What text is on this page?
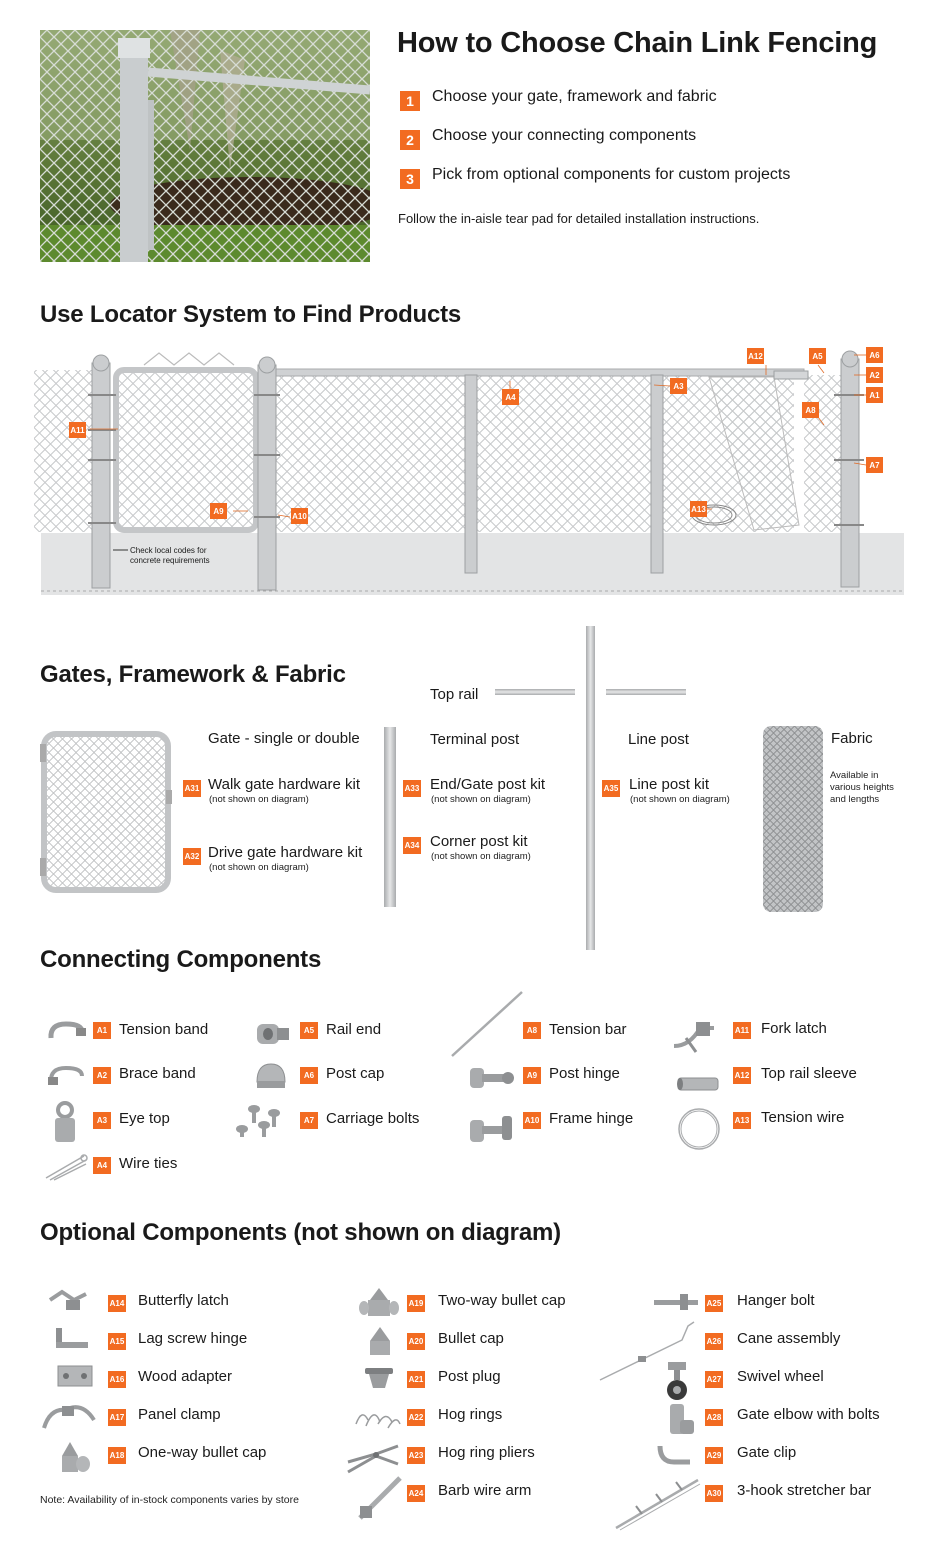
How to Choose Chain Link Fencing
1	Choose your gate, framework and fabric
2	Choose your connecting components
3	Pick from optional components for custom projects
Follow the in-aisle tear pad for detailed installation instructions.
Use Locator System to Find Products
A11
A9
A10
A4
A3
A12	A5	A6
A2
A1
A8
A7
A13
Check local codes for concrete requirements
Gates, Framework & Fabric
Gate - single or double
A31 Walk gate hardware kit
(not shown on diagram)
A32 Drive gate hardware kit
(not shown on diagram)
Top rail
Terminal post
A33 End/Gate post kit
(not shown on diagram)
A34 Corner post kit
(not shown on diagram)
Line post
A35 Line post kit
(not shown on diagram)
Fabric
Available in various heights and lengths
Connecting Components
A1 Tension band
A2 Brace band
A3 Eye top
A4 Wire ties
A5 Rail end
A6 Post cap
A7 Carriage bolts
A8 Tension bar
A9 Post hinge
A10 Frame hinge
A11 Fork latch
A12 Top rail sleeve
A13 Tension wire
Optional Components (not shown on diagram)
A14 Butterfly latch
A15 Lag screw hinge
A16 Wood adapter
A17 Panel clamp
A18 One-way bullet cap
Note: Availability of in-stock components varies by store
A19 Two-way bullet cap
A20 Bullet cap
A21 Post plug
A22 Hog rings
A23 Hog ring pliers
A24 Barb wire arm
A25 Hanger bolt
A26 Cane assembly
A27 Swivel wheel
A28 Gate elbow with bolts
A29 Gate clip
A30 3-hook stretcher bar
